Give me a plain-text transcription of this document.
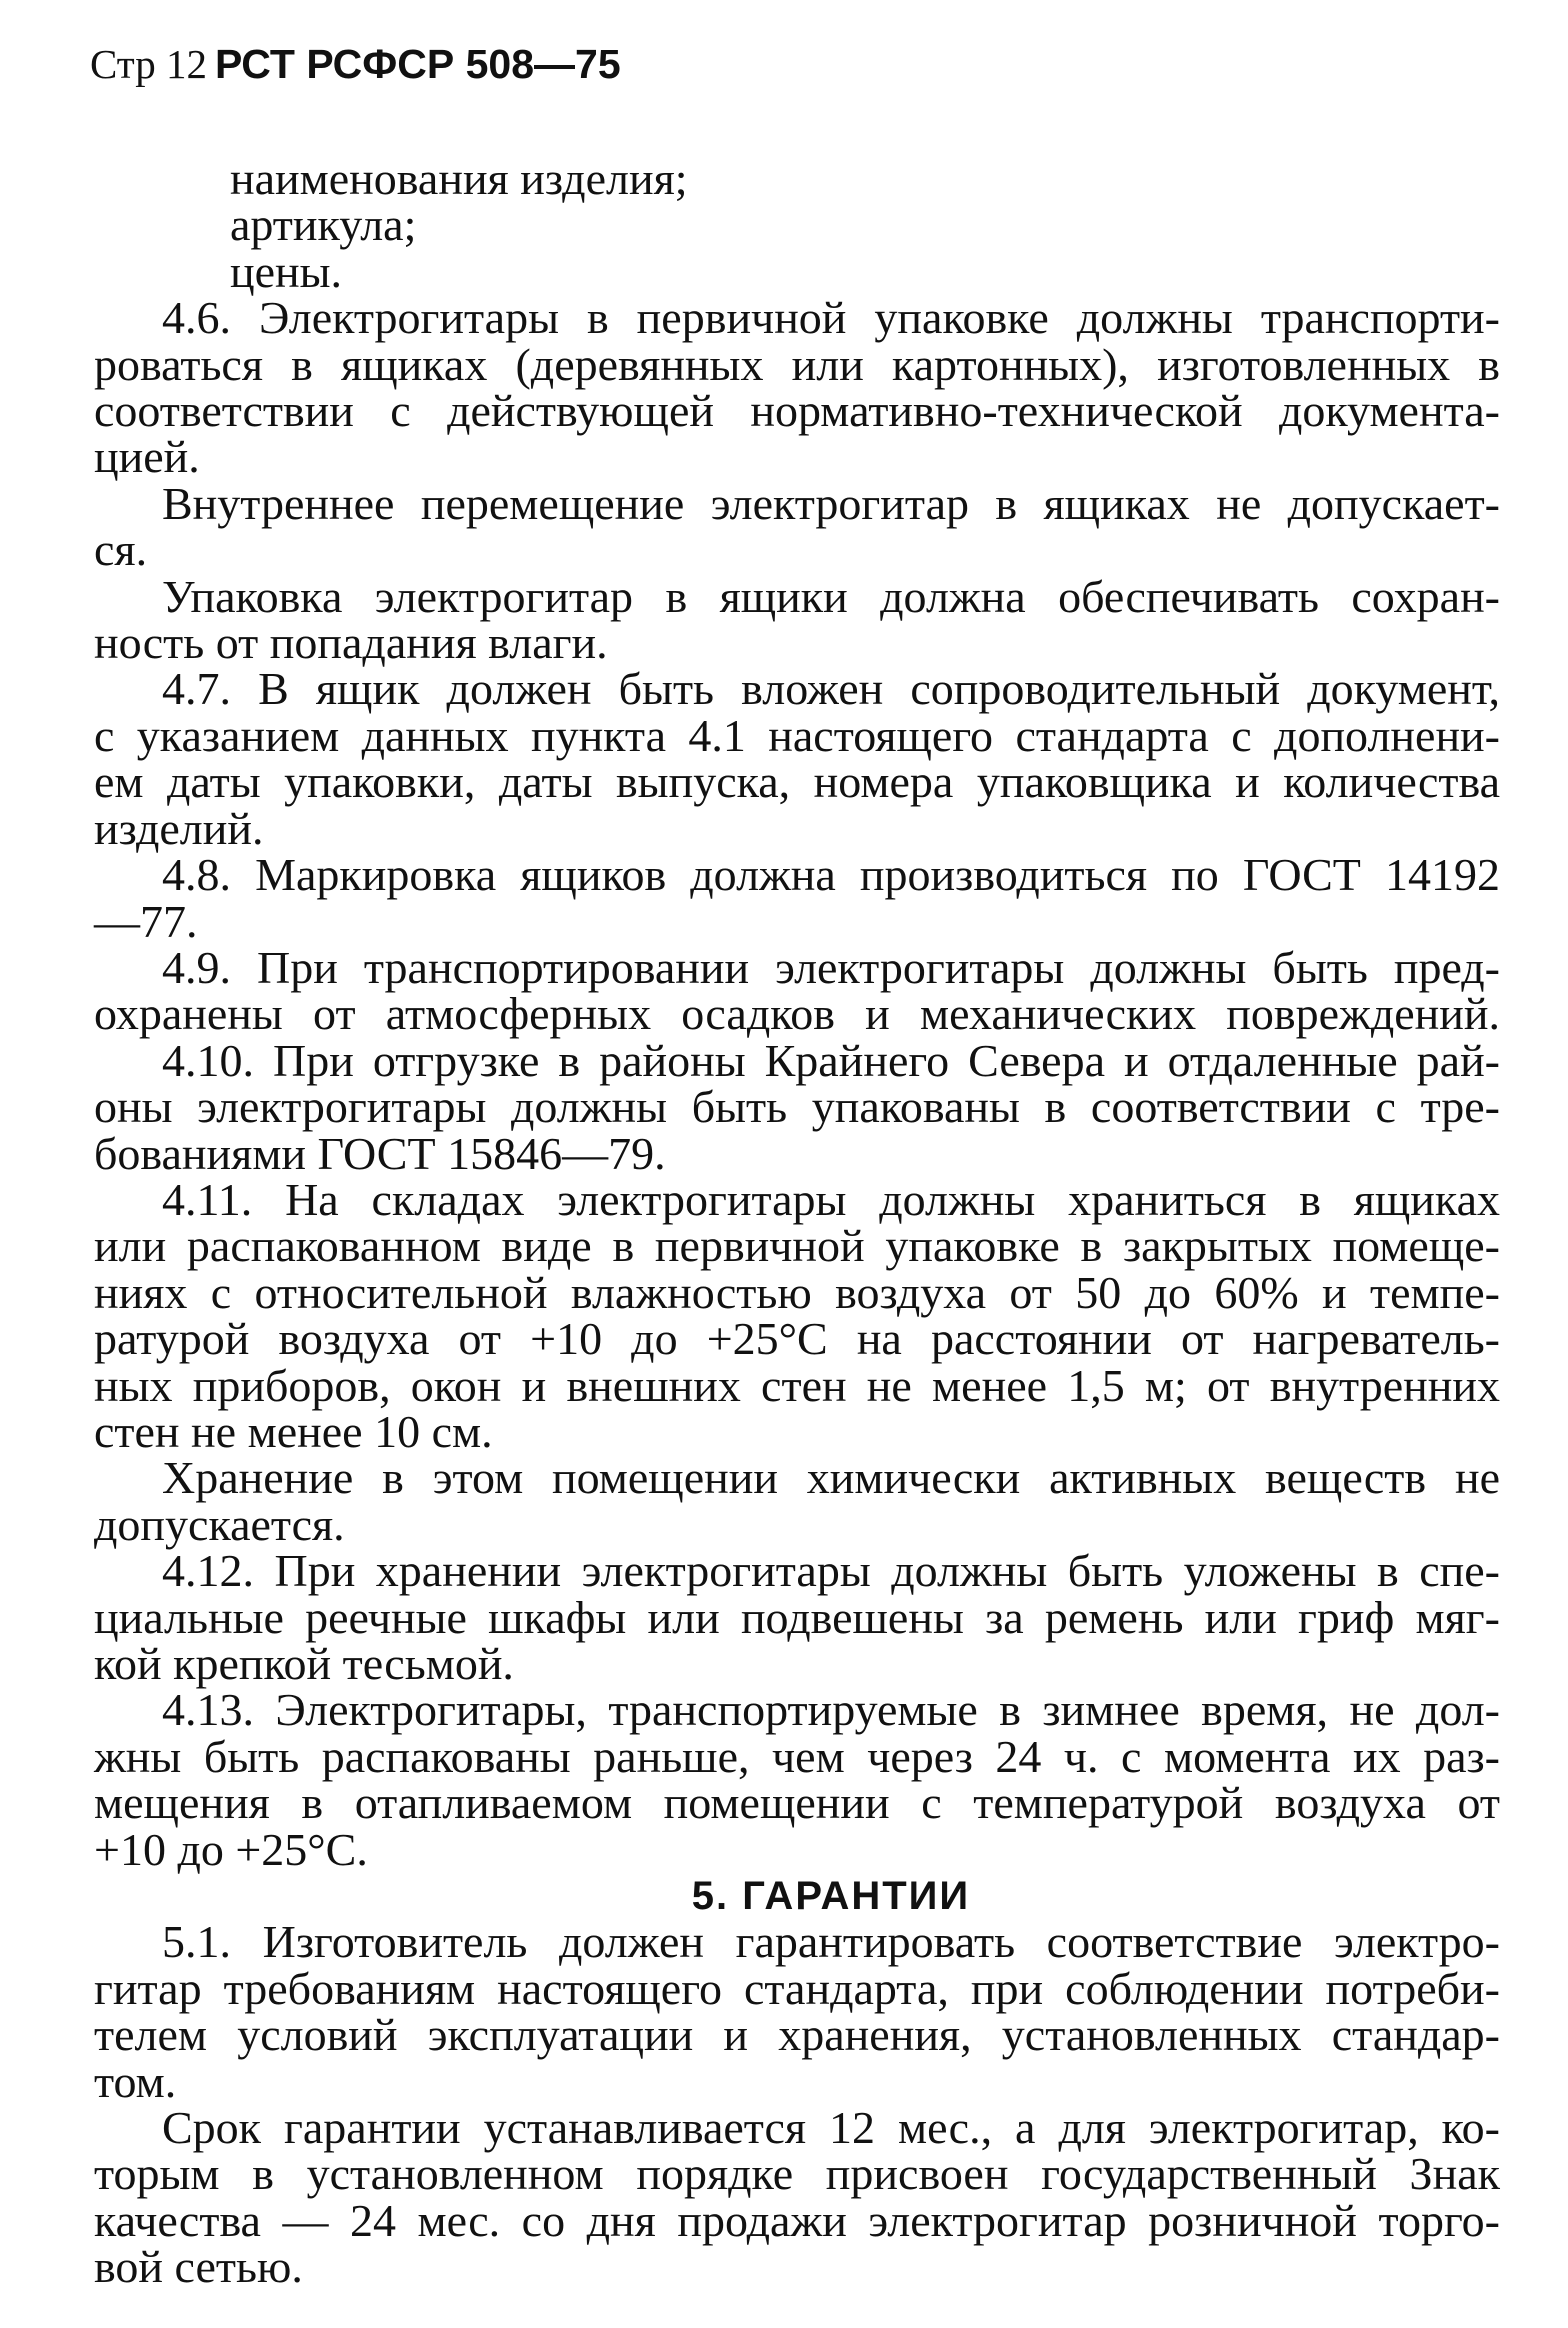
Стр 12 РСТ РСФСР 508—75
наименования изделия;
артикула;
цены.
4.6. Электрогитары в первичной упаковке должны транспорти-
роваться в ящиках (деревянных или картонных), изготовленных в
соответствии с действующей нормативно-технической документа-
цией.
Внутреннее перемещение электрогитар в ящиках не допускает-
ся.
Упаковка электрогитар в ящики должна обеспечивать сохран-
ность от попадания влаги.
4.7. В ящик должен быть вложен сопроводительный документ,
с указанием данных пункта 4.1 настоящего стандарта с дополнени-
ем даты упаковки, даты выпуска, номера упаковщика и количества
изделий.
4.8. Маркировка ящиков должна производиться по ГОСТ 14192
—77.
4.9. При транспортировании электрогитары должны быть пред-
охранены от атмосферных осадков и механических повреждений.
4.10. При отгрузке в районы Крайнего Севера и отдаленные рай-
оны электрогитары должны быть упакованы в соответствии с тре-
бованиями ГОСТ 15846—79.
4.11. На складах электрогитары должны храниться в ящиках
или распакованном виде в первичной упаковке в закрытых помеще-
ниях с относительной влажностью воздуха от 50 до 60% и темпе-
ратурой воздуха от +10 до +25°С на расстоянии от нагреватель-
ных приборов, окон и внешних стен не менее 1,5 м; от внутренних
стен не менее 10 см.
Хранение в этом помещении химически активных веществ не
допускается.
4.12. При хранении электрогитары должны быть уложены в спе-
циальные реечные шкафы или подвешены за ремень или гриф мяг-
кой крепкой тесьмой.
4.13. Электрогитары, транспортируемые в зимнее время, не дол-
жны быть распакованы раньше, чем через 24 ч. с момента их раз-
мещения в отапливаемом помещении с температурой воздуха от
+10 до +25°С.
5. ГАРАНТИИ
5.1. Изготовитель должен гарантировать соответствие электро-
гитар требованиям настоящего стандарта, при соблюдении потреби-
телем условий эксплуатации и хранения, установленных стандар-
том.
Срок гарантии устанавливается 12 мес., а для электрогитар, ко-
торым в установленном порядке присвоен государственный Знак
качества — 24 мес. со дня продажи электрогитар розничной торго-
вой сетью.
